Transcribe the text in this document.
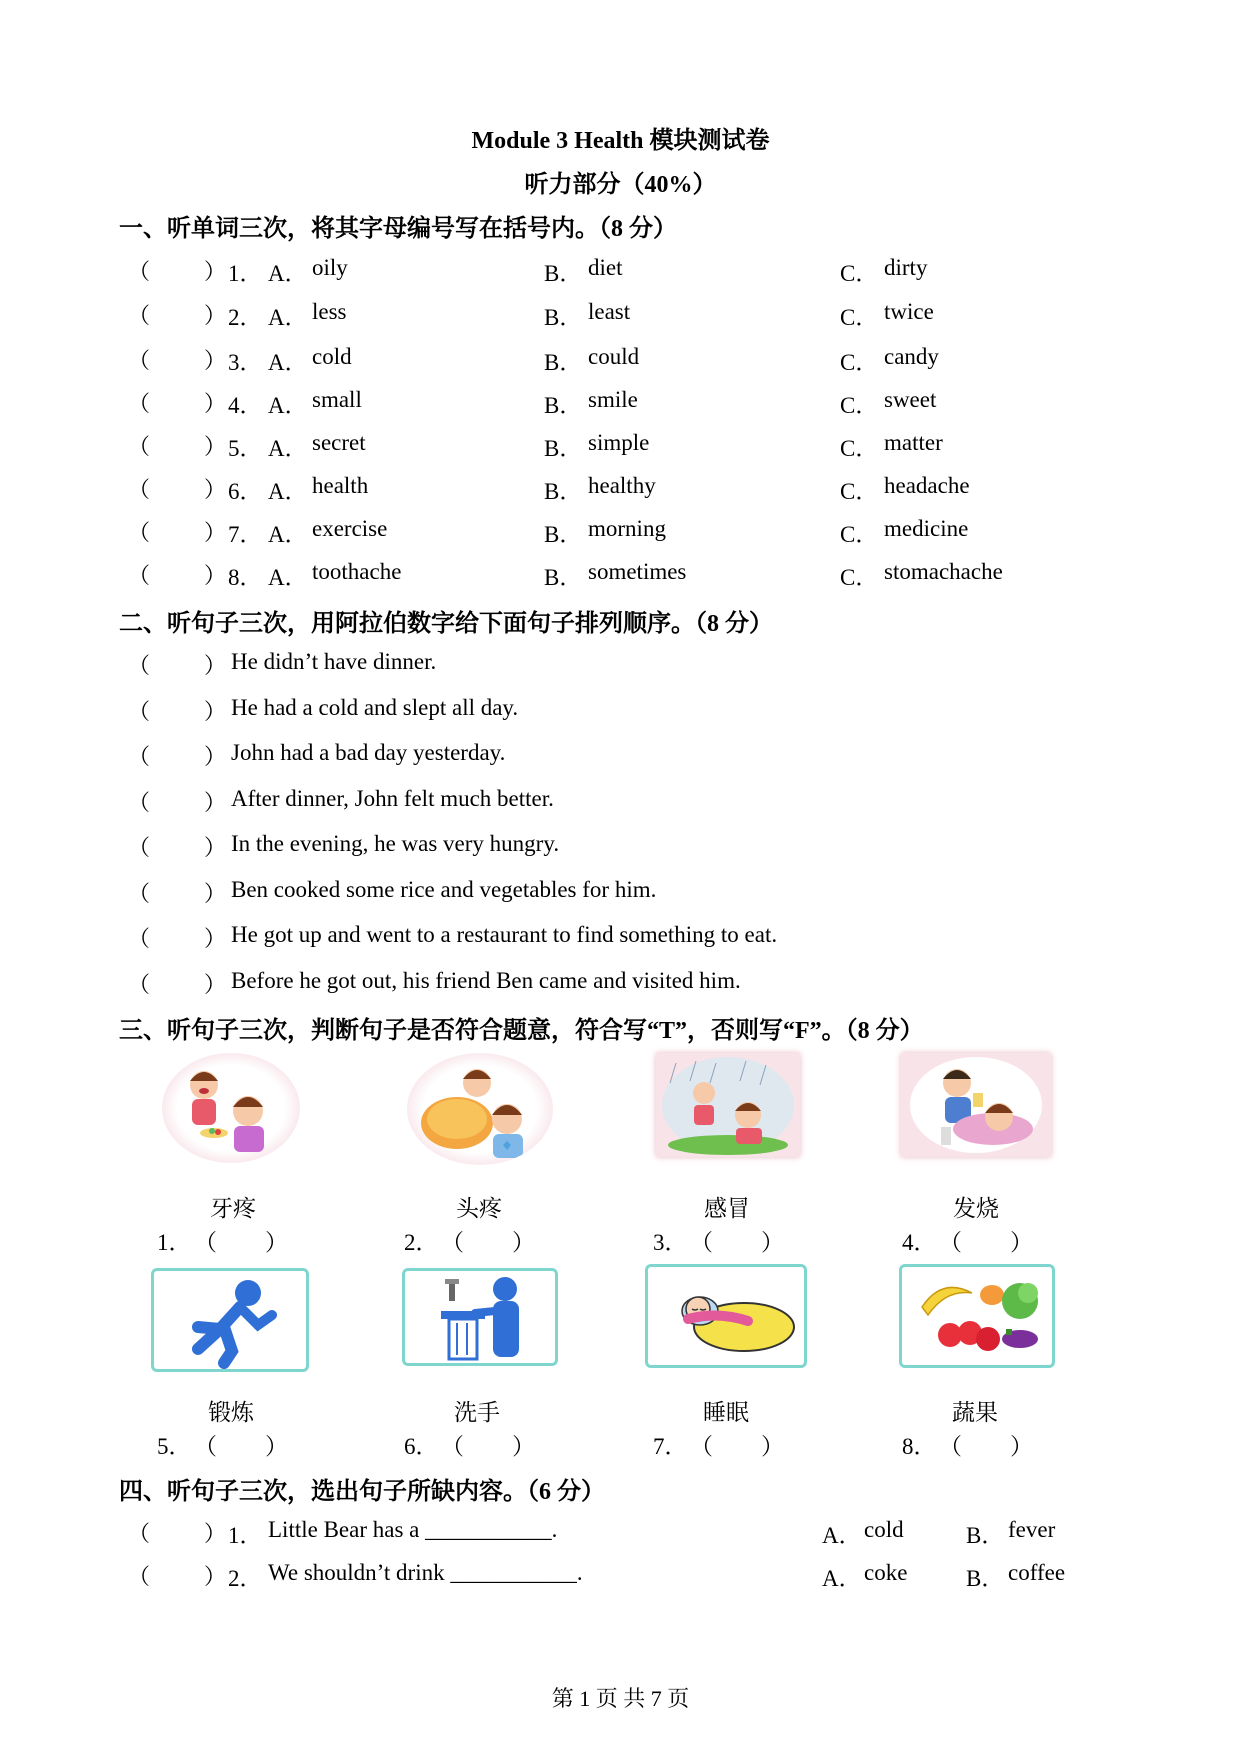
Module 3 Health 模块测试卷
听力部分（40%）
一、听单词三次，将其字母编号写在括号内。（8 分）
（ ） 1． A． oily	B． diet	C． dirty
（ ） 2． A． less	B． least	C． twice
（ ） 3． A． cold	B． could	C． candy
（ ） 4． A． small	B． smile	C． sweet
（ ） 5． A． secret	B． simple	C． matter
（ ） 6． A． health	B． healthy	C． headache
（ ） 7． A． exercise	B． morning	C． medicine
（ ） 8． A． toothache	B． sometimes	C． stomachache
二、听句子三次，用阿拉伯数字给下面句子排列顺序。（8 分）
（ ） He didn’t have dinner.
（ ） He had a cold and slept all day.
（ ） John had a bad day yesterday.
（ ） After dinner, John felt much better.
（ ） In the evening, he was very hungry.
（ ） Ben cooked some rice and vegetables for him.
（ ） He got up and went to a restaurant to find something to eat.
（ ） Before he got out, his friend Ben came and visited him.
三、听句子三次，判断句子是否符合题意，符合写“T”，否则写“F”。（8 分）
牙疼	头疼	感冒	发烧
1． （ ）	2． （ ）	3． （ ）	4． （ ）
锻炼	洗手	睡眠	蔬果
5． （ ）	6． （ ）	7． （ ）	8． （ ）
四、听句子三次，选出句子所缺内容。（6 分）
（ ） 1． Little Bear has a ___________.	A． cold	B． fever
（ ） 2． We shouldn’t drink ___________.	A． coke	B． coffee
第 1 页 共 7 页
